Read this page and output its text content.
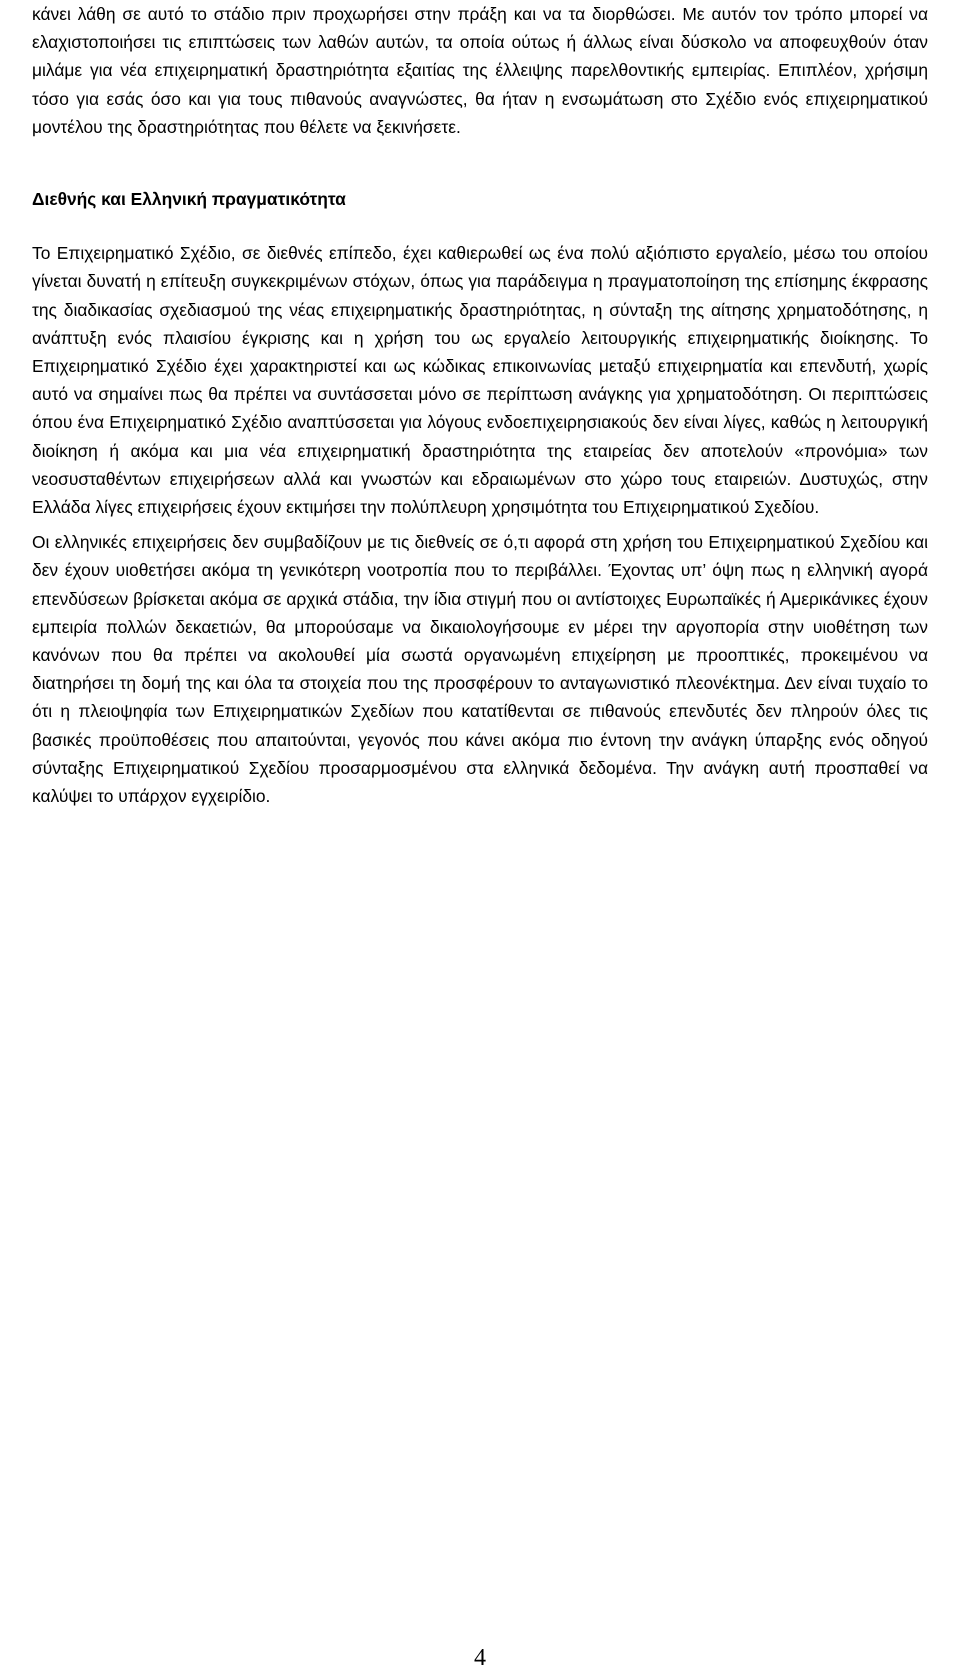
κάνει λάθη σε αυτό το στάδιο πριν προχωρήσει στην πράξη και να τα διορθώσει. Με αυτόν τον τρόπο μπορεί να ελαχιστοποιήσει τις επιπτώσεις των λαθών αυτών, τα οποία ούτως ή άλλως είναι δύσκολο να αποφευχθούν όταν μιλάμε για νέα επιχειρηματική δραστηριότητα εξαιτίας της έλλειψης παρελθοντικής εμπειρίας. Επιπλέον, χρήσιμη τόσο για εσάς όσο και για τους πιθανούς αναγνώστες, θα ήταν η ενσωμάτωση στο Σχέδιο ενός επιχειρηματικού μοντέλου της δραστηριότητας που θέλετε να ξεκινήσετε.

Διεθνής και Ελληνική πραγματικότητα

Το Επιχειρηματικό Σχέδιο, σε διεθνές επίπεδο, έχει καθιερωθεί ως ένα πολύ αξιόπιστο εργαλείο, μέσω του οποίου γίνεται δυνατή η επίτευξη συγκεκριμένων στόχων, όπως για παράδειγμα η πραγματοποίηση της επίσημης έκφρασης της διαδικασίας σχεδιασμού της νέας επιχειρηματικής δραστηριότητας, η σύνταξη της αίτησης χρηματοδότησης, η ανάπτυξη ενός πλαισίου έγκρισης και η χρήση του ως εργαλείο λειτουργικής επιχειρηματικής διοίκησης. Το Επιχειρηματικό Σχέδιο έχει χαρακτηριστεί και ως κώδικας επικοινωνίας μεταξύ επιχειρηματία και επενδυτή, χωρίς αυτό να σημαίνει πως θα πρέπει να συντάσσεται μόνο σε περίπτωση ανάγκης για χρηματοδότηση. Οι περιπτώσεις όπου ένα Επιχειρηματικό Σχέδιο αναπτύσσεται για λόγους ενδοεπιχειρησιακούς δεν είναι λίγες, καθώς η λειτουργική διοίκηση ή ακόμα και μια νέα επιχειρηματική δραστηριότητα της εταιρείας δεν αποτελούν «προνόμια» των νεοσυσταθέντων επιχειρήσεων αλλά και γνωστών και εδραιωμένων στο χώρο τους εταιρειών. Δυστυχώς, στην Ελλάδα λίγες επιχειρήσεις έχουν εκτιμήσει την πολύπλευρη χρησιμότητα του Επιχειρηματικού Σχεδίου.

Οι ελληνικές επιχειρήσεις δεν συμβαδίζουν με τις διεθνείς σε ό,τι αφορά στη χρήση του Επιχειρηματικού Σχεδίου και δεν έχουν υιοθετήσει ακόμα τη γενικότερη νοοτροπία που το περιβάλλει. Έχοντας υπ’ όψη πως η ελληνική αγορά επενδύσεων βρίσκεται ακόμα σε αρχικά στάδια, την ίδια στιγμή που οι αντίστοιχες Ευρωπαϊκές ή Αμερικάνικες έχουν εμπειρία πολλών δεκαετιών, θα μπορούσαμε να δικαιολογήσουμε εν μέρει την αργοπορία στην υιοθέτηση των κανόνων που θα πρέπει να ακολουθεί μία σωστά οργανωμένη επιχείρηση με προοπτικές, προκειμένου να διατηρήσει τη δομή της και όλα τα στοιχεία που της προσφέρουν το ανταγωνιστικό πλεονέκτημα. Δεν είναι τυχαίο το ότι η πλειοψηφία των Επιχειρηματικών Σχεδίων που κατατίθενται σε πιθανούς επενδυτές δεν πληρούν όλες τις βασικές προϋποθέσεις που απαιτούνται, γεγονός που κάνει ακόμα πιο έντονη την ανάγκη ύπαρξης ενός οδηγού σύνταξης Επιχειρηματικού Σχεδίου προσαρμοσμένου στα ελληνικά δεδομένα. Την ανάγκη αυτή προσπαθεί να καλύψει το υπάρχον εγχειρίδιο.

4
